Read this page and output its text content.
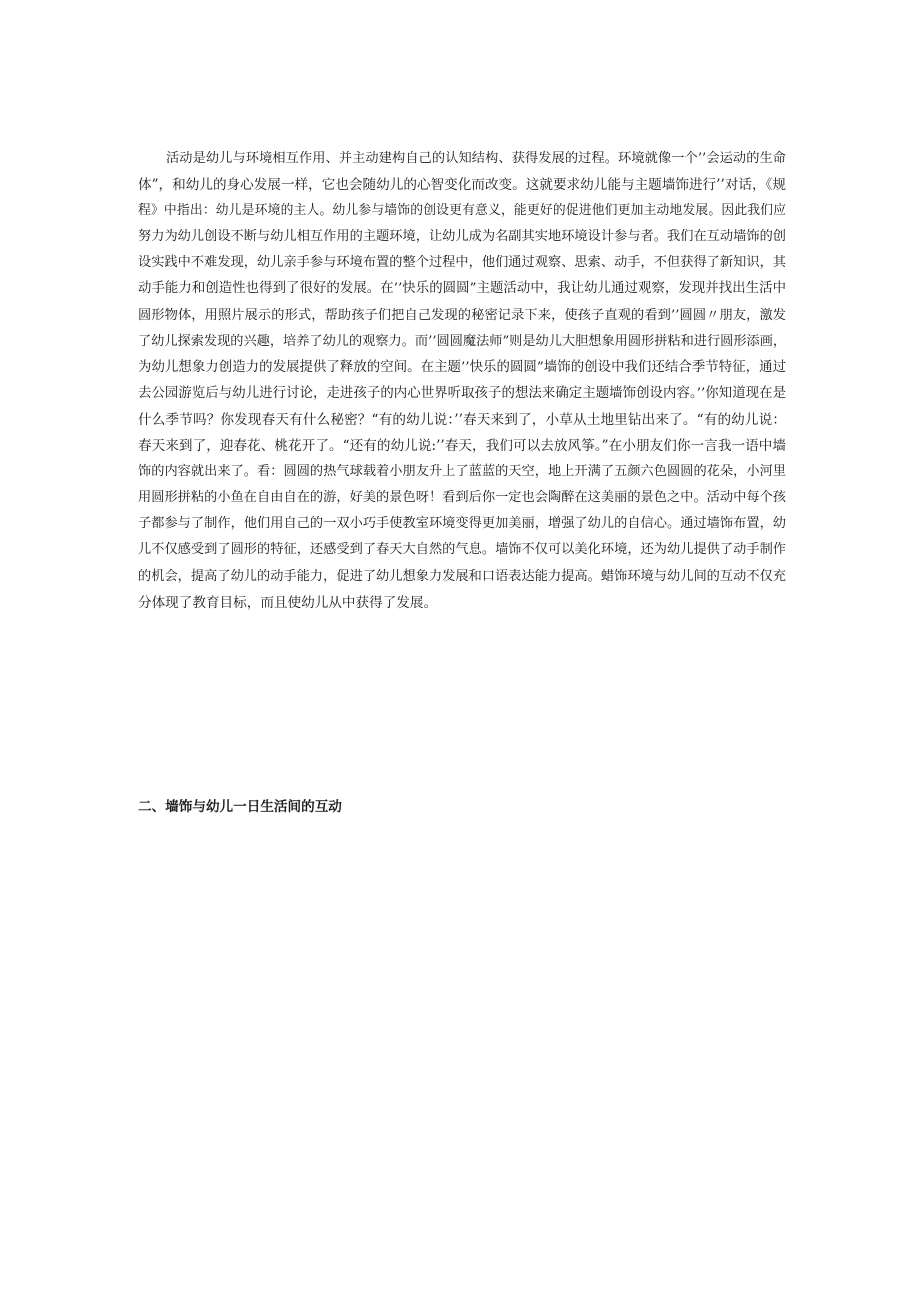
活动是幼儿与环境相互作用、并主动建构自己的认知结构、获得发展的过程。环境就像一个’’会运动的生命
体”，和幼儿的身心发展一样，它也会随幼儿的心智变化而改变。这就要求幼儿能与主题墙饰进行’’对话，《规
程》中指出：幼儿是环境的主人。幼儿参与墙饰的创设更有意义，能更好的促进他们更加主动地发展。因此我们应
努力为幼儿创设不断与幼儿相互作用的主题环境，让幼儿成为名副其实地环境设计参与者。我们在互动墙饰的创
设实践中不难发现，幼儿亲手参与环境布置的整个过程中，他们通过观察、思索、动手，不但获得了新知识，其
动手能力和创造性也得到了很好的发展。在’’快乐的圆圆”主题活动中，我让幼儿通过观察，发现并找出生活中
圆形物体，用照片展示的形式，帮助孩子们把自己发现的秘密记录下来，使孩子直观的看到’’圆圆〃朋友，激发
了幼儿探索发现的兴趣，培养了幼儿的观察力。而’’圆圆魔法师”则是幼儿大胆想象用圆形拼粘和进行圆形添画，
为幼儿想象力创造力的发展提供了释放的空间。在主题’’快乐的圆圆”墙饰的创设中我们还结合季节特征，通过
去公园游览后与幼儿进行讨论，走进孩子的内心世界听取孩子的想法来确定主题墙饰创设内容。’’你知道现在是
什么季节吗？你发现春天有什么秘密？“有的幼儿说：’’春天来到了，小草从土地里钻出来了。“有的幼儿说：
春天来到了，迎春花、桃花开了。“还有的幼儿说:’’春天，我们可以去放风筝。”在小朋友们你一言我一语中墙
饰的内容就出来了。看：圆圆的热气球载着小朋友升上了蓝蓝的天空，地上开满了五颜六色圆圆的花朵，小河里
用圆形拼粘的小鱼在自由自在的游，好美的景色呀！看到后你一定也会陶醉在这美丽的景色之中。活动中每个孩
子都参与了制作，他们用自己的一双小巧手使教室环境变得更加美丽，增强了幼儿的自信心。通过墙饰布置，幼
儿不仅感受到了圆形的特征，还感受到了春天大自然的气息。墙饰不仅可以美化环境，还为幼儿提供了动手制作
的机会，提高了幼儿的动手能力，促进了幼儿想象力发展和口语表达能力提高。蜡饰环境与幼儿间的互动不仅充
分体现了教育目标，而且使幼儿从中获得了发展。
二、墙饰与幼儿一日生活间的互动
